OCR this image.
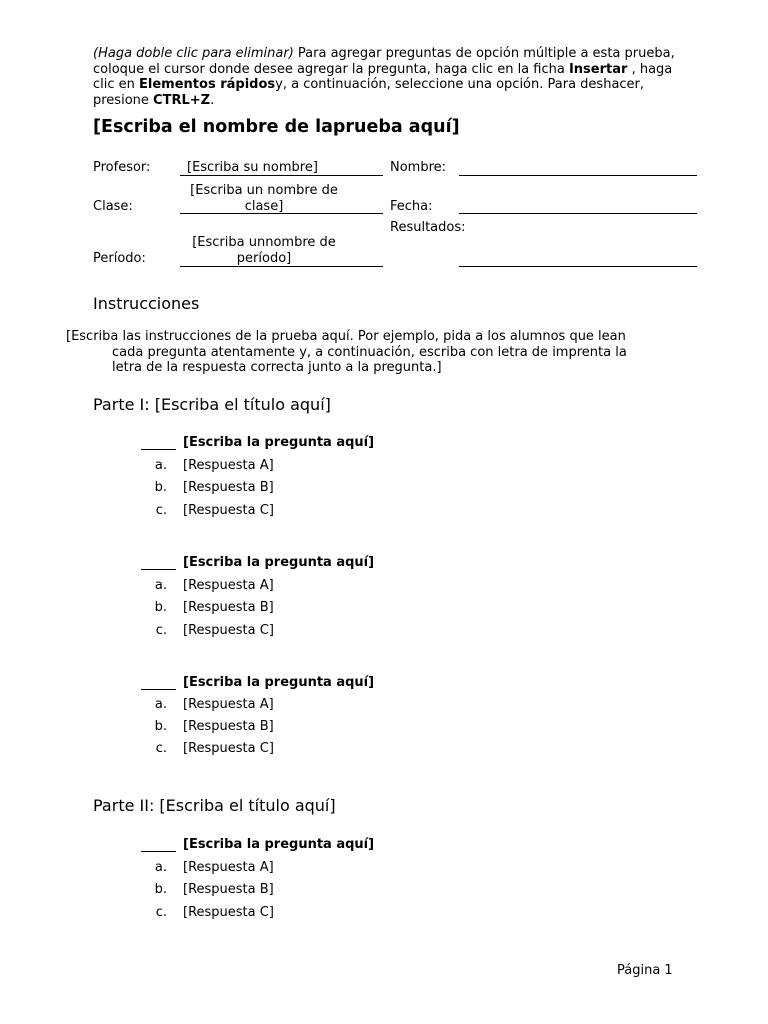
(Haga doble clic para eliminar) Para agregar preguntas de opción múltiple a esta prueba, coloque el cursor donde desee agregar la pregunta, haga clic en la ficha Insertar , haga clic en Elementos rápidosy, a continuación, seleccione una opción. Para deshacer, presione CTRL+Z.
[Escriba el nombre de laprueba aquí]
Profesor:	[Escriba su nombre]
Clase:
[Escriba un nombre de clase]
Período:
[Escriba unnombre de período]
Nombre:
Fecha:
Resultados:
Instrucciones
[Escriba las instrucciones de la prueba aquí. Por ejemplo, pida a los alumnos que lean
cada pregunta atentamente y, a continuación, escriba con letra de imprenta la
letra de la respuesta correcta junto a la pregunta.]
Parte I: [Escriba el título aquí]
[Escriba la pregunta aquí]
a. [Respuesta A]
b. [Respuesta B]
c. [Respuesta C]
[Escriba la pregunta aquí]
a. [Respuesta A]
b. [Respuesta B]
c. [Respuesta C]
[Escriba la pregunta aquí]
a. [Respuesta A]
b. [Respuesta B]
c. [Respuesta C]
Parte II: [Escriba el título aquí]
[Escriba la pregunta aquí]
a. [Respuesta A]
b. [Respuesta B]
c. [Respuesta C]
Página 1
